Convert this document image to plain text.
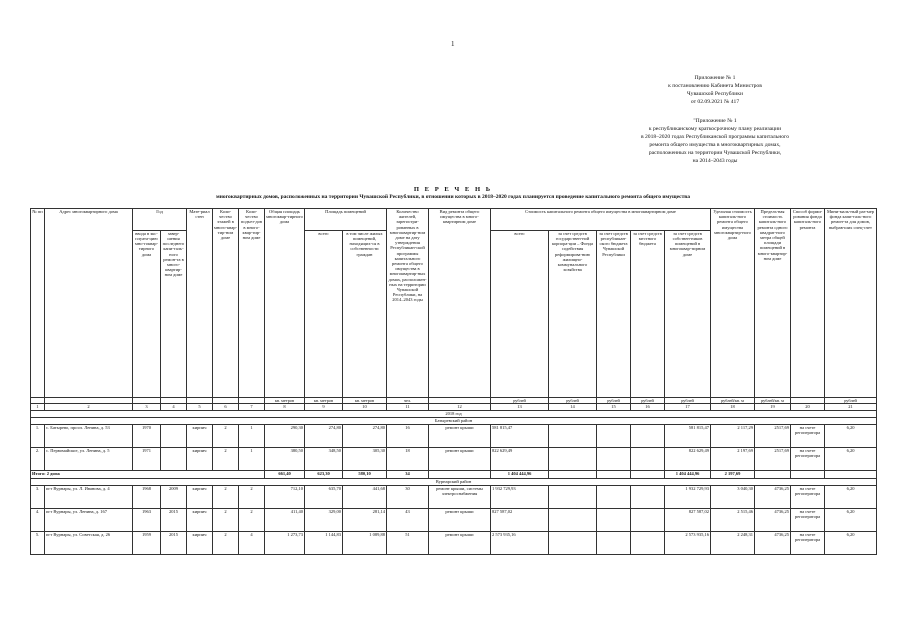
1
Приложение № 1
к постановлению Кабинета Министров
Чувашской Республики
от 02.09.2021 № 417
"Приложение № 1
к республиканскому краткосрочному плану реализации
в 2018–2020 годах Республиканской программы капитального
ремонта общего имущества в многоквартирных домах,
расположенных на территории Чувашской Республики,
на 2014–2043 годы
П Е Р Е Ч Е Н Ь
многоквартирных домов, расположенных на территории Чувашской Республики, в отношении которых в 2018–2020 годах планируется проведение капитального ремонта общего имущества
№ пп	Адрес многоквартирного дома	Год		Мате-риал стен	Коли-чество этажей в много-квар-тир-ном доме	Коли-чество подъез-дов в много-квар-тир-ном доме	Общая площадь многоквар-тирного дома	Площадь помещений		Количество жителей, зарегистри-рованных в многоквартир-ном доме на дату утверждения Республикан-ской программы капитального ремонта общего имущества в многоквартир-ных домах, расположен-ных на территории Чувашской Республики, на 2014–2043 годы	Вид ремонта общего имущества в много-квартирном доме	Стоимость капитального ремонта общего имущества в многоквартирном доме					Удельная стоимость капиталь-ного ремонта общего имущества многоквартир-ного дома	Предель-ная стоимость капиталь-ного ремонта одного квадрат-ного метра общей площади помещений в много-квартир-ном доме	Способ форми-рования фонда капиталь-ного ремонта	Мини-маль-ный раз-мер фонда капи-таль-ного ремон-та для домов, выбрав-ших спец-счет
		ввода в экс-плуата-цию мно-гоквар-тирного дома	завер-шения последнего капи-таль-ного ремон-та в много-квартир-ном доме					всего	в том числе жилых помещений, находящих-ся в собственности граждан			всего	за счет средств государствен-ной корпора-ции – Фонда содействия реформирова-нию жилищно-коммунального хозяйства	за счет средств республикан-ского бюджета Чувашской Республики	за счет средств местного бюджета	за счет средств собствен-ников помещений в многоквар-тирном доме				
							кв. метров	кв. метров	кв. метров	чел.		рублей	рублей	рублей	рублей	рублей	рублей/кв. м	рублей/кв. м		рублей
1	2	3	4	5	6	7	8	9	10	11	12	13	14	15	16	17	18	19	20	21
2018 год																				
Батыревский район																				
1.	с. Батырево, просп. Ленина, д. 53	1970		кирпич	2	1	290,30	274,80	274,80	16	ремонт крыши	581 815,47				581 815,47	2 117,29	2517,69	на счете регоператора	6,20
2.	с. Первомайское, ул. Ленина, д. 5	1971		кирпич	2	1	380,50	348,50	305,30	18	ремонт крыши	822 629,49				822 629,49	2 197,69	2517,69	на счете регоператора	6,20
Итого: 2 дома							661,40	623,30	580,10	34		1 404 444,96				1 404 444,96	2 197,69			
Вурнарский район																				
3.	пгт Вурнары, ул. Л. Иванова, д. 4	1968	2009	кирпич	2	2	712,10	635,70	441,68	30	ремонт крыши, системы электроснабжения	1 932 729,93				1 932 729,93	3 040,30	4736,25	на счете регоператора	6,20
4.	пгт Вурнары, ул. Ленина, д. 167	1963	2015	кирпич	2	2	411,40	329,00	281,14	43	ремонт крыши	827 587,02				827 587,02	2 515,46	4736,25	на счете регоператора	6,20
5.	пгт Вурнары, ул. Советская, д. 26	1959	2015	кирпич	2	4	1 273,73	1 144,83	1 089,88	51	ремонт крыши	2 573 935,16				2 573 935,16	2 248,31	4736,25	на счете регоператора	6,20
